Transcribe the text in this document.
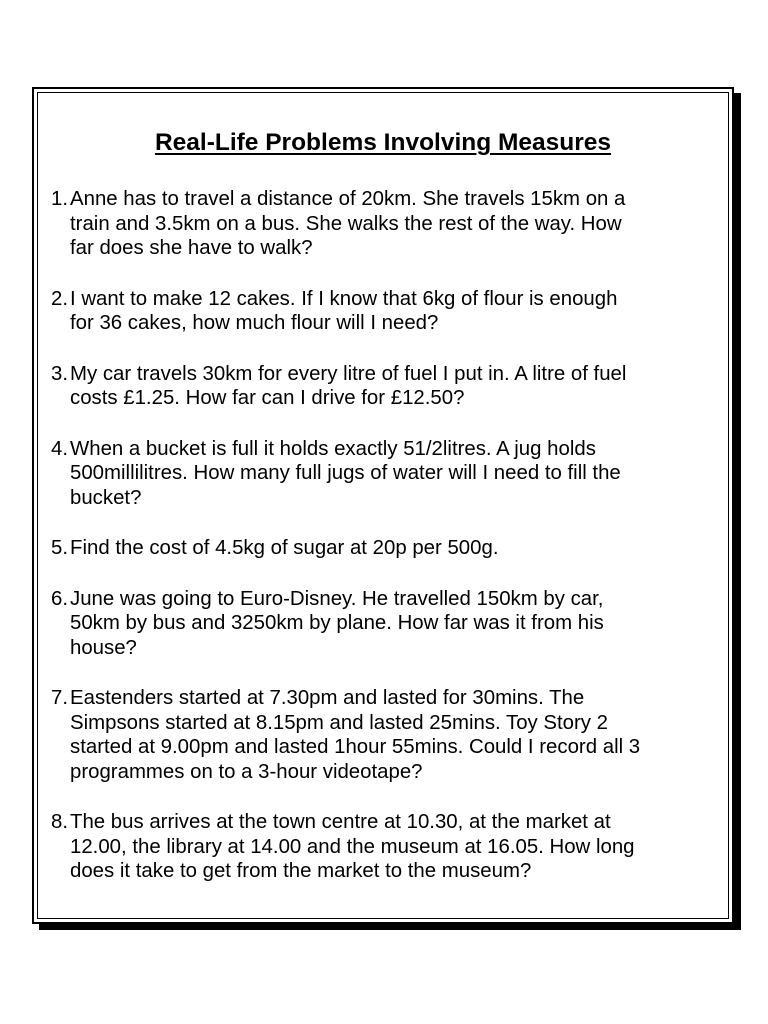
Real-Life Problems Involving Measures
1. Anne has to travel a distance of 20km. She travels 15km on a
train and 3.5km on a bus. She walks the rest of the way. How
far does she have to walk?
2. I want to make 12 cakes. If I know that 6kg of flour is enough
for 36 cakes, how much flour will I need?
3. My car travels 30km for every litre of fuel I put in. A litre of fuel
costs £1.25. How far can I drive for £12.50?
4. When a bucket is full it holds exactly 51/2litres. A jug holds
500millilitres. How many full jugs of water will I need to fill the
bucket?
5. Find the cost of 4.5kg of sugar at 20p per 500g.
6. June was going to Euro-Disney. He travelled 150km by car,
50km by bus and 3250km by plane. How far was it from his
house?
7. Eastenders started at 7.30pm and lasted for 30mins. The
Simpsons started at 8.15pm and lasted 25mins. Toy Story 2
started at 9.00pm and lasted 1hour 55mins. Could I record all 3
programmes on to a 3-hour videotape?
8. The bus arrives at the town centre at 10.30, at the market at
12.00, the library at 14.00 and the museum at 16.05. How long
does it take to get from the market to the museum?
